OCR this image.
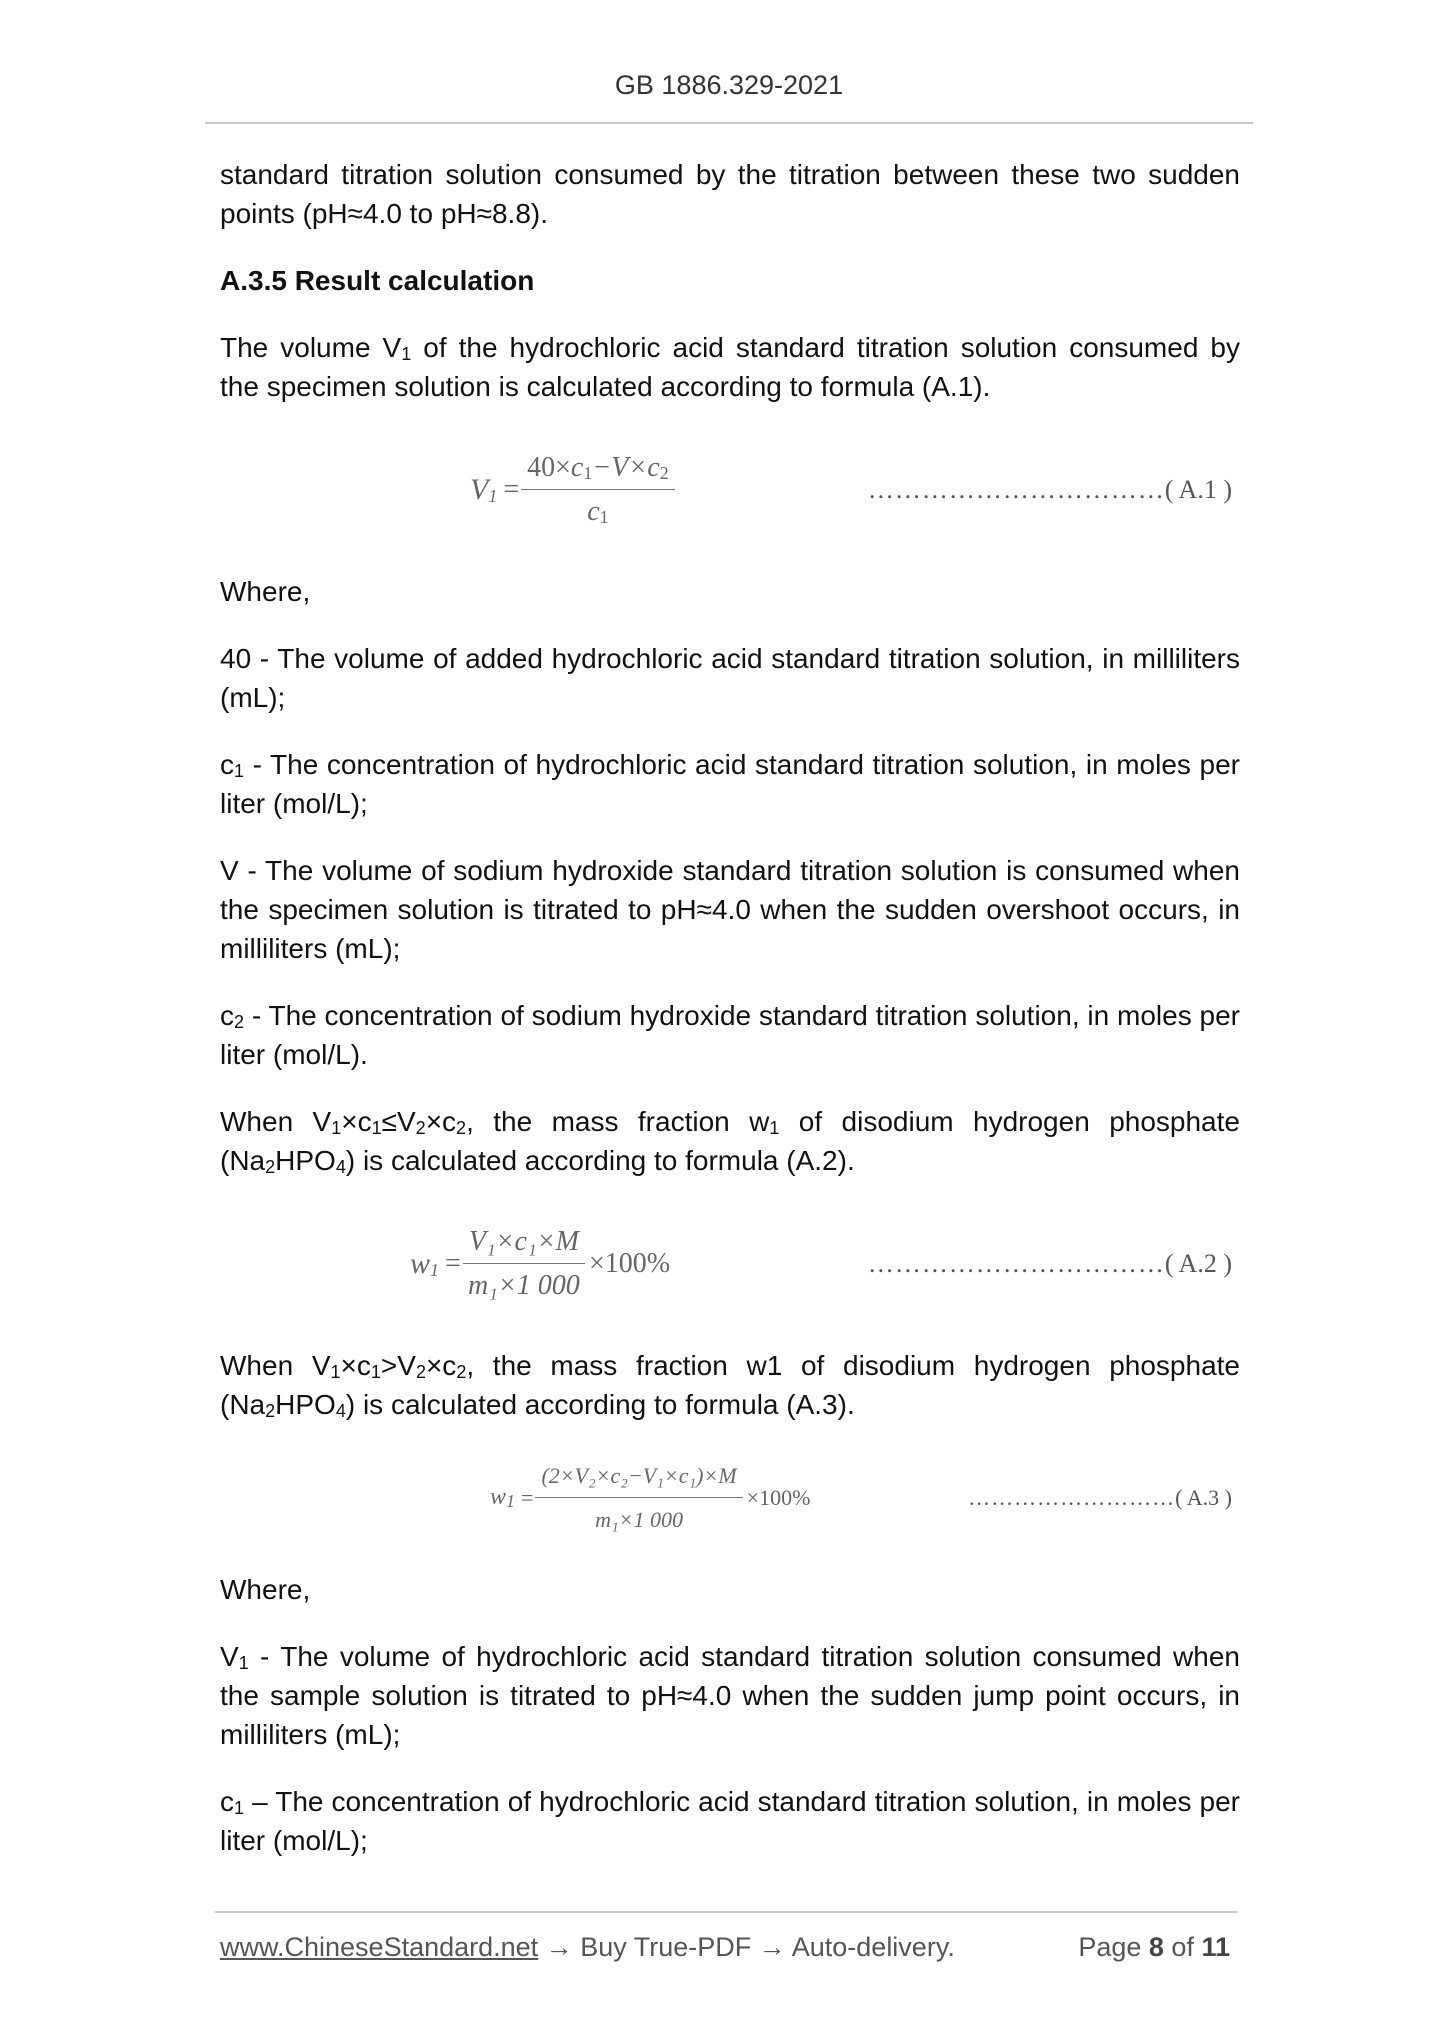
GB 1886.329-2021

standard titration solution consumed by the titration between these two sudden points (pH≈4.0 to pH≈8.8).

A.3.5 Result calculation

The volume $V_1$ of the hydrochloric acid standard titration solution consumed by the specimen solution is calculated according to formula (A.1).

$V_1 = \frac{40\times c_1-V\times c_2}{c_1}$	…………………………… ( A.1 )

Where,

40 - The volume of added hydrochloric acid standard titration solution, in milliliters (mL);

$c_1$ - The concentration of hydrochloric acid standard titration solution, in moles per liter (mol/L);

V - The volume of sodium hydroxide standard titration solution is consumed when the specimen solution is titrated to pH≈4.0 when the sudden overshoot occurs, in milliliters (mL);

$c_2$ - The concentration of sodium hydroxide standard titration solution, in moles per liter (mol/L).

When $V_1\times c_1\le V_2\times c_2$, the mass fraction $w_1$ of disodium hydrogen phosphate $(Na_2HPO_4)$ is calculated according to formula (A.2).

$w_1 = \frac{\text{V₁×c₁×M}}{\text{m₁×1 000}} \times 100\%$	…………………………… ( A.2 )

When $V_1\times c_1>V_2\times c_2$, the mass fraction w1 of disodium hydrogen phosphate $(Na_2HPO_4)$ is calculated according to formula (A.3).

$w_1 = \frac{\text{(2×V₂×c₂−V₁×c₁)×M}}{\text{m₁×1 000}} \times 100\%$	……………………… ( A.3 )

Where,

$V_1$ - The volume of hydrochloric acid standard titration solution consumed when the sample solution is titrated to pH≈4.0 when the sudden jump point occurs, in milliliters (mL);

$c_1$ – The concentration of hydrochloric acid standard titration solution, in moles per liter (mol/L);

www.ChineseStandard.net → Buy True-PDF → Auto-delivery.	Page 8 of 11
